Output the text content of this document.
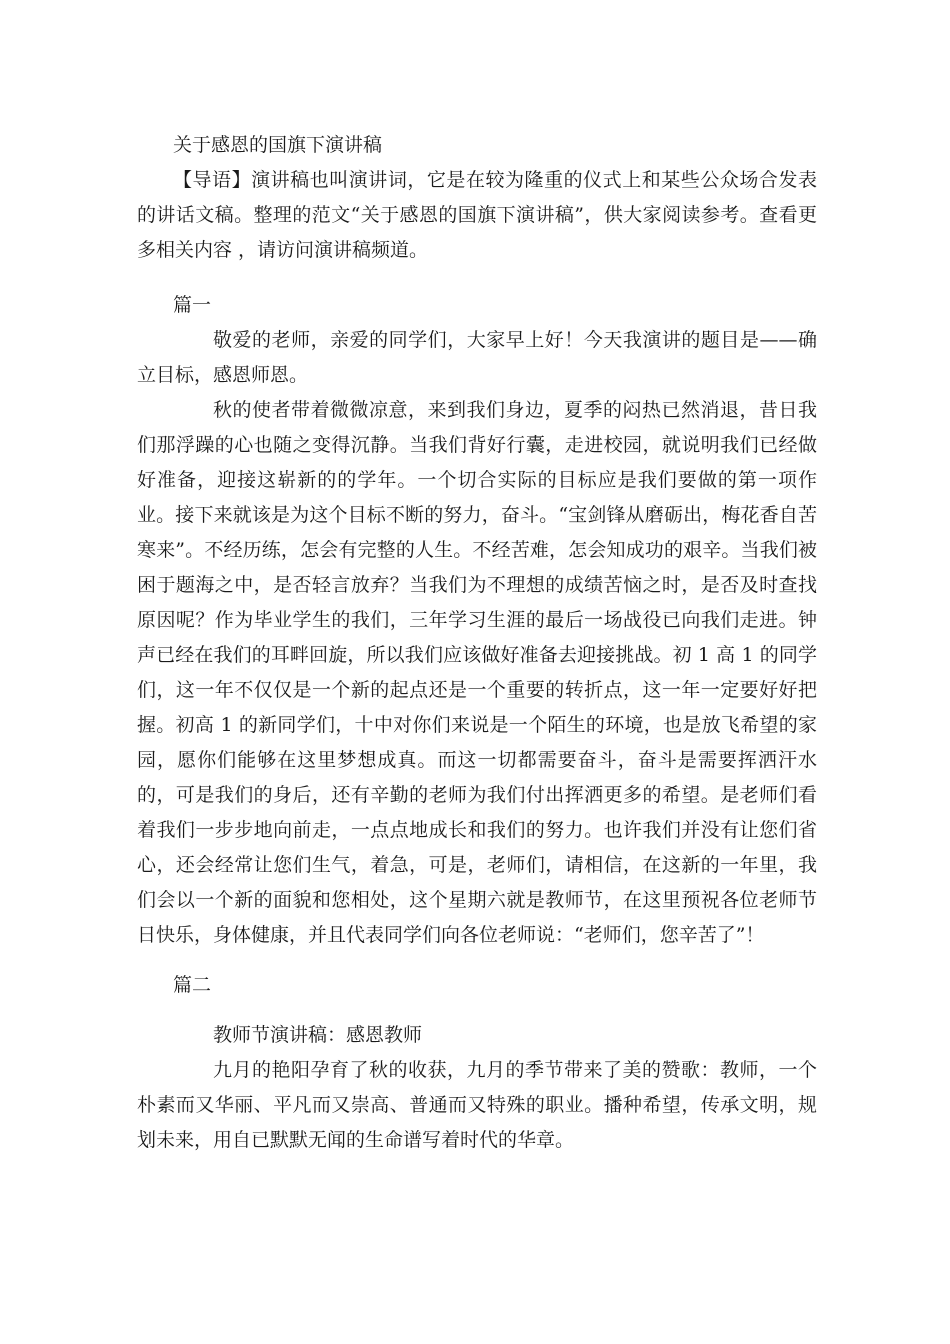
关于感恩的国旗下演讲稿

【导语】演讲稿也叫演讲词，它是在较为隆重的仪式上和某些公众场合发表的讲话文稿。整理的范文“关于感恩的国旗下演讲稿”，供大家阅读参考。查看更多相关内容 ，请访问演讲稿频道。

篇一

敬爱的老师，亲爱的同学们，大家早上好！今天我演讲的题目是——确立目标，感恩师恩。

秋的使者带着微微凉意，来到我们身边，夏季的闷热已然消退，昔日我们那浮躁的心也随之变得沉静。当我们背好行囊，走进校园，就说明我们已经做好准备，迎接这崭新的的学年。一个切合实际的目标应是我们要做的第一项作业。接下来就该是为这个目标不断的努力，奋斗。“宝剑锋从磨砺出，梅花香自苦寒来”。不经历练，怎会有完整的人生。不经苦难，怎会知成功的艰辛。当我们被困于题海之中，是否轻言放弃？当我们为不理想的成绩苦恼之时，是否及时查找原因呢？作为毕业学生的我们，三年学习生涯的最后一场战役已向我们走进。钟声已经在我们的耳畔回旋，所以我们应该做好准备去迎接挑战。初 1 高 1 的同学们，这一年不仅仅是一个新的起点还是一个重要的转折点，这一年一定要好好把握。初高 1 的新同学们，十中对你们来说是一个陌生的环境，也是放飞希望的家园，愿你们能够在这里梦想成真。而这一切都需要奋斗，奋斗是需要挥洒汗水的，可是我们的身后，还有辛勤的老师为我们付出挥洒更多的希望。是老师们看着我们一步步地向前走，一点点地成长和我们的努力。也许我们并没有让您们省心，还会经常让您们生气，着急，可是，老师们，请相信，在这新的一年里，我们会以一个新的面貌和您相处，这个星期六就是教师节，在这里预祝各位老师节日快乐，身体健康，并且代表同学们向各位老师说：“老师们，您辛苦了”！

篇二
教师节演讲稿：感恩教师

九月的艳阳孕育了秋的收获，九月的季节带来了美的赞歌：教师，一个朴素而又华丽、平凡而又崇高、普通而又特殊的职业。播种希望，传承文明，规划未来，用自已默默无闻的生命谱写着时代的华章。
